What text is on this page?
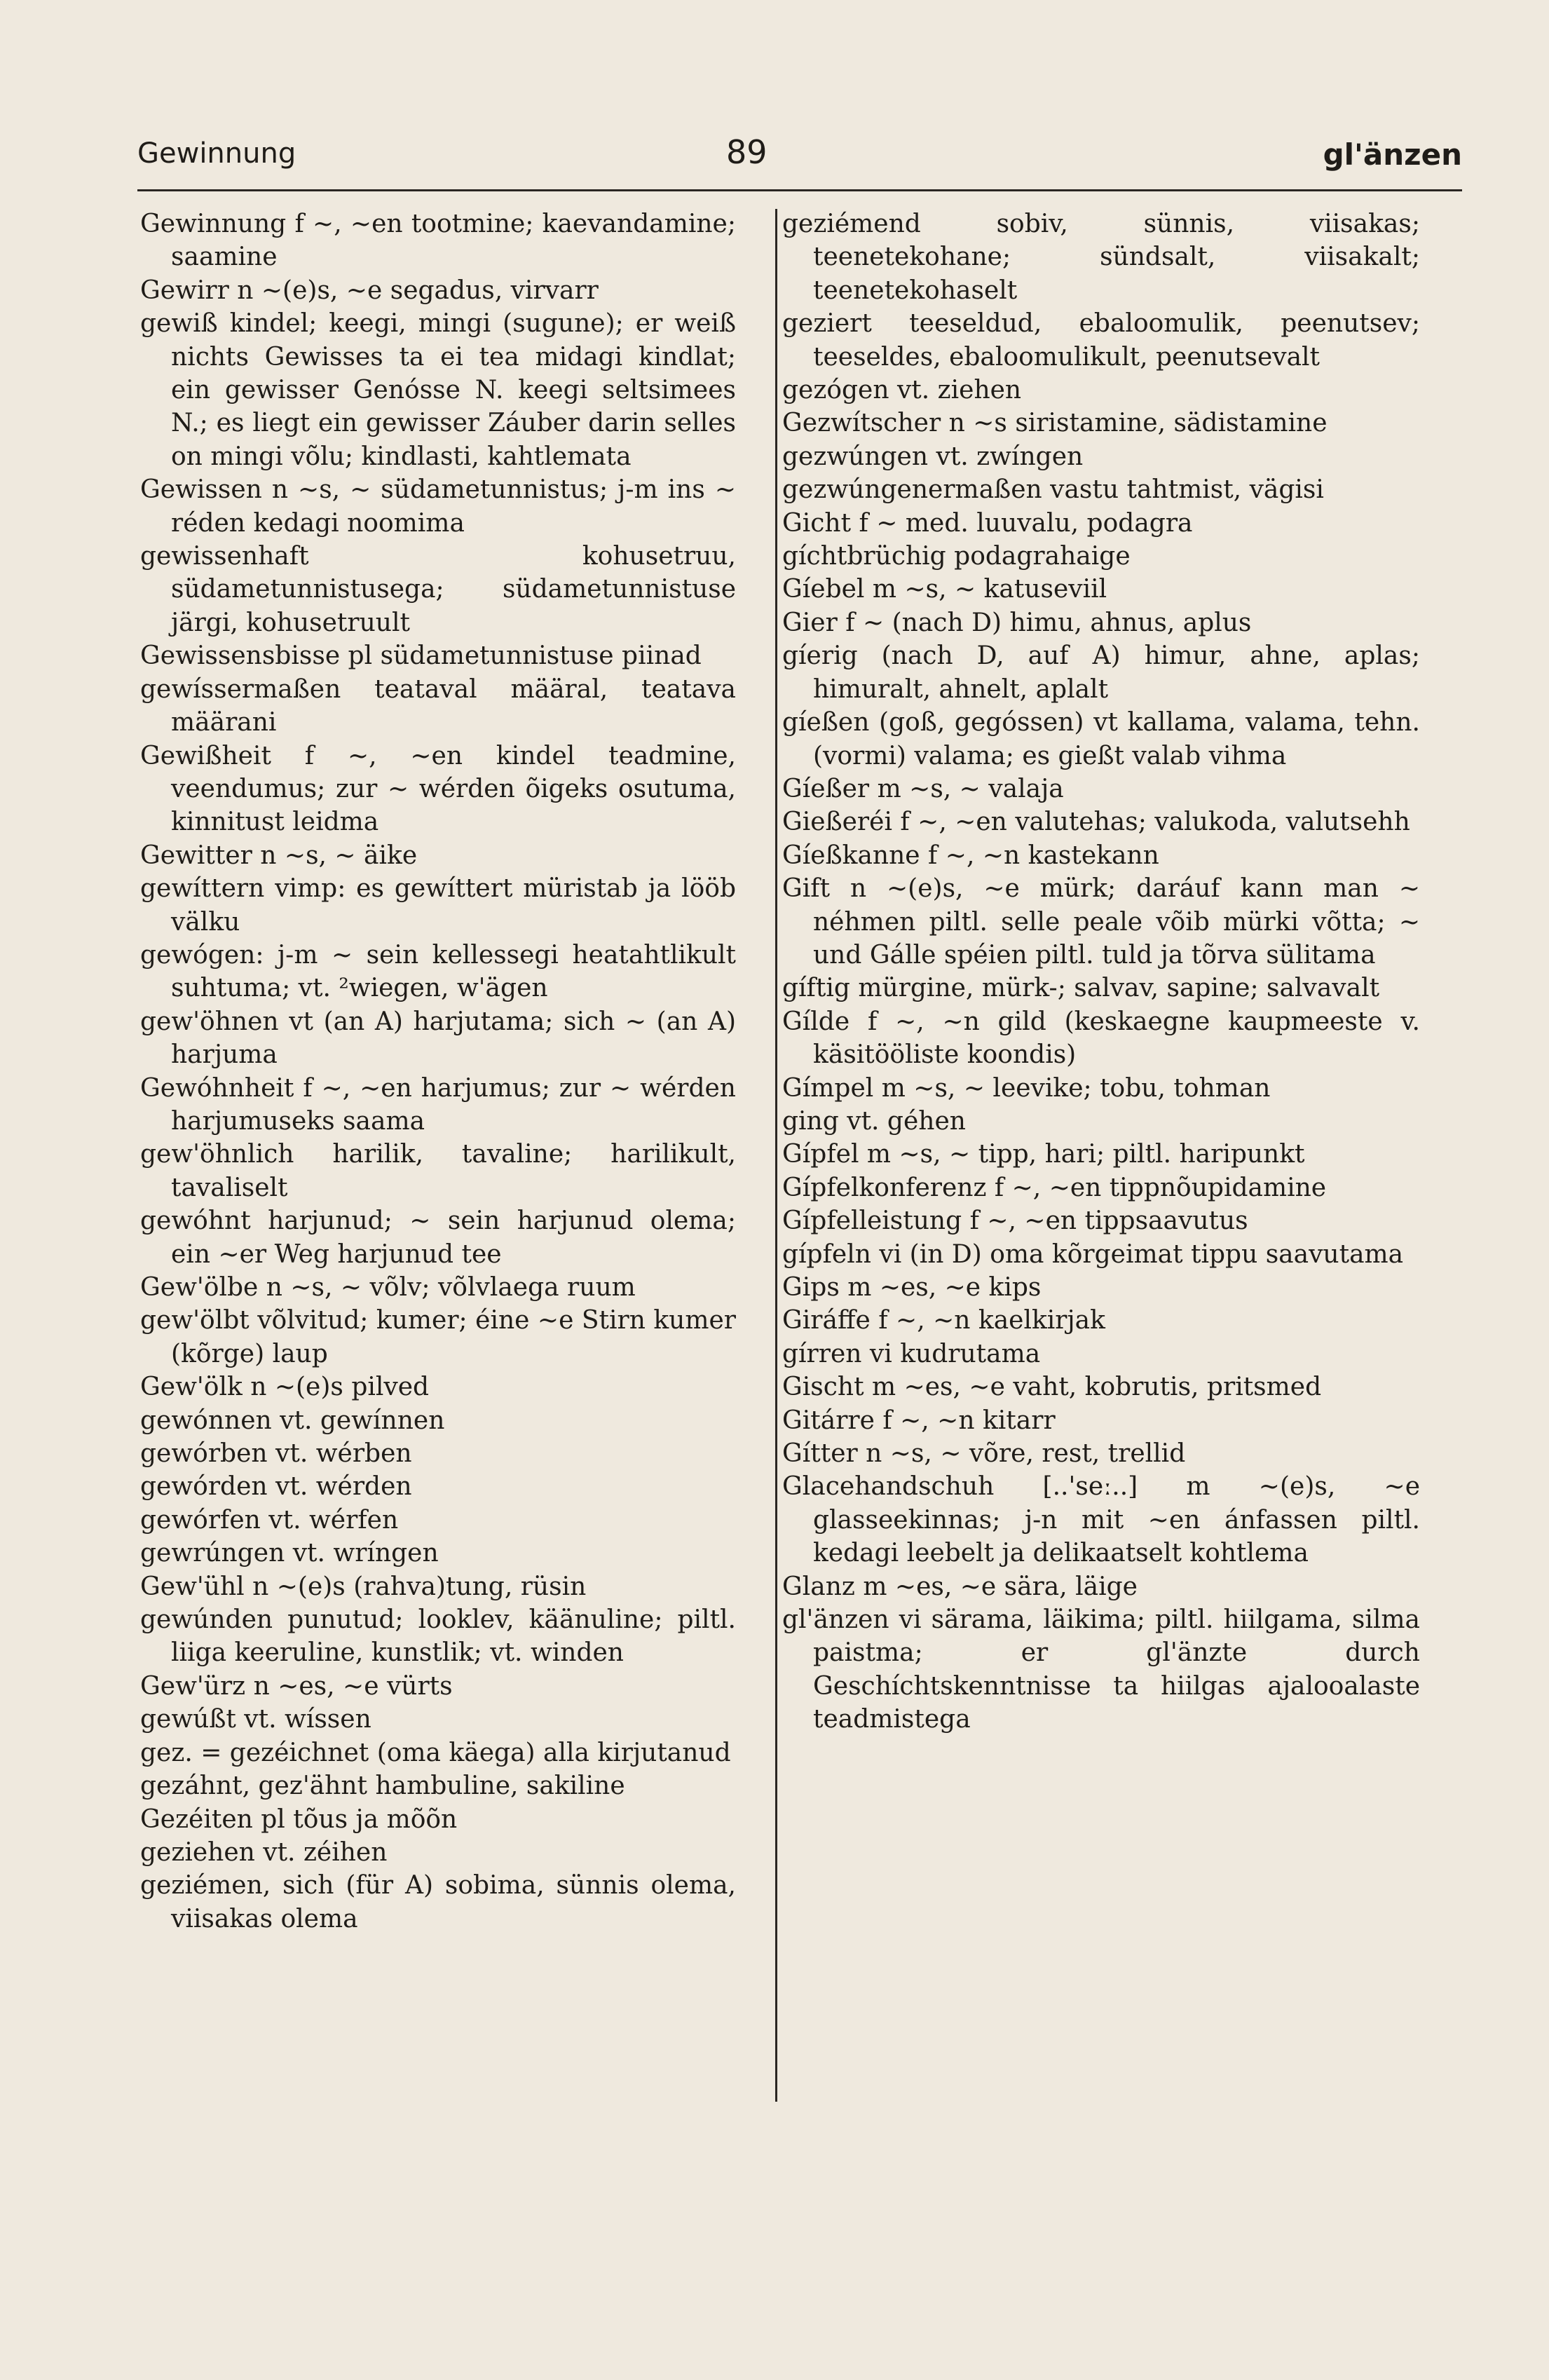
Gewinnung	89	gl'änzen

Gewinnung f ~, ~en tootmine; kaevandamine; saamine

Gewirr n ~(e)s, ~e segadus, virvarr

gewiß kindel; keegi, mingi (sugune); er weiß nichts Gewisses ta ei tea midagi kindlat; ein gewisser Genósse N. keegi seltsimees N.; es liegt ein gewisser Záuber darin selles on mingi võlu; kindlasti, kahtlemata

Gewissen n ~s, ~ südametunnistus; j-m ins ~ réden kedagi noomima

gewissenhaft kohusetruu, südametunnistusega; südametunnistuse järgi, kohusetruult

Gewissensbisse pl südametunnistuse piinad

gewíssermaßen teataval määral, teatava määrani

Gewißheit f ~, ~en kindel teadmine, veendumus; zur ~ wérden õigeks osutuma, kinnitust leidma

Gewitter n ~s, ~ äike

gewíttern vimp: es gewíttert müristab ja lööb välku

gewógen: j-m ~ sein kellessegi heatahtlikult suhtuma; vt. ²wiegen, w'ägen

gew'öhnen vt (an A) harjutama; sich ~ (an A) harjuma

Gewóhnheit f ~, ~en harjumus; zur ~ wérden harjumuseks saama

gew'öhnlich harilik, tavaline; harilikult, tavaliselt

gewóhnt harjunud; ~ sein harjunud olema; ein ~er Weg harjunud tee

Gew'ölbe n ~s, ~ võlv; võlvlaega ruum

gew'ölbt võlvitud; kumer; éine ~e Stirn kumer (kõrge) laup

Gew'ölk n ~(e)s pilved

gewónnen vt. gewínnen

gewórben vt. wérben

gewórden vt. wérden

gewórfen vt. wérfen

gewrúngen vt. wríngen

Gew'ühl n ~(e)s (rahva)tung, rüsin

gewúnden punutud; looklev, käänuline; piltl. liiga keeruline, kunstlik; vt. winden

Gew'ürz n ~es, ~e vürts

gewúßt vt. wíssen

gez. = gezéichnet (oma käega) alla kirjutanud

gezáhnt, gez'ähnt hambuline, sakiline

Gezéiten pl tõus ja mõõn

geziehen vt. zéihen

geziémen, sich (für A) sobima, sünnis olema, viisakas olema

geziémend sobiv, sünnis, viisakas; teenetekohane; sündsalt, viisakalt; teenetekohaselt

geziert teeseldud, ebaloomulik, peenutsev; teeseldes, ebaloomulikult, peenutsevalt

gezógen vt. ziehen

Gezwítscher n ~s siristamine, sädistamine

gezwúngen vt. zwíngen

gezwúngenermaßen vastu tahtmist, vägisi

Gicht f ~ med. luuvalu, podagra

gíchtbrüchig podagrahaige

Gíebel m ~s, ~ katuseviil

Gier f ~ (nach D) himu, ahnus, aplus

gíerig (nach D, auf A) himur, ahne, aplas; himuralt, ahnelt, aplalt

gíeßen (goß, gegóssen) vt kallama, valama, tehn. (vormi) valama; es gießt valab vihma

Gíeßer m ~s, ~ valaja

Gießeréi f ~, ~en valutehas; valukoda, valutsehh

Gíeßkanne f ~, ~n kastekann

Gift n ~(e)s, ~e mürk; daráuf kann man ~ néhmen piltl. selle peale võib mürki võtta; ~ und Gálle spéien piltl. tuld ja tõrva sülitama

gíftig mürgine, mürk-; salvav, sapine; salvavalt

Gílde f ~, ~n gild (keskaegne kaupmeeste v. käsitööliste koondis)

Gímpel m ~s, ~ leevike; tobu, tohman

ging vt. géhen

Gípfel m ~s, ~ tipp, hari; piltl. haripunkt

Gípfelkonferenz f ~, ~en tippnõupidamine

Gípfelleistung f ~, ~en tippsaavutus

gípfeln vi (in D) oma kõrgeimat tippu saavutama

Gips m ~es, ~e kips

Giráffe f ~, ~n kaelkirjak

gírren vi kudrutama

Gischt m ~es, ~e vaht, kobrutis, pritsmed

Gitárre f ~, ~n kitarr

Gítter n ~s, ~ võre, rest, trellid

Glacehandschuh [..'seː..] m ~(e)s, ~e glasseekinnas; j-n mit ~en ánfassen piltl. kedagi leebelt ja delikaatselt kohtlema

Glanz m ~es, ~e sära, läige

gl'änzen vi särama, läikima; piltl. hiilgama, silma paistma; er gl'änzte durch Geschíchtskenntnisse ta hiilgas ajalooalaste teadmistega
